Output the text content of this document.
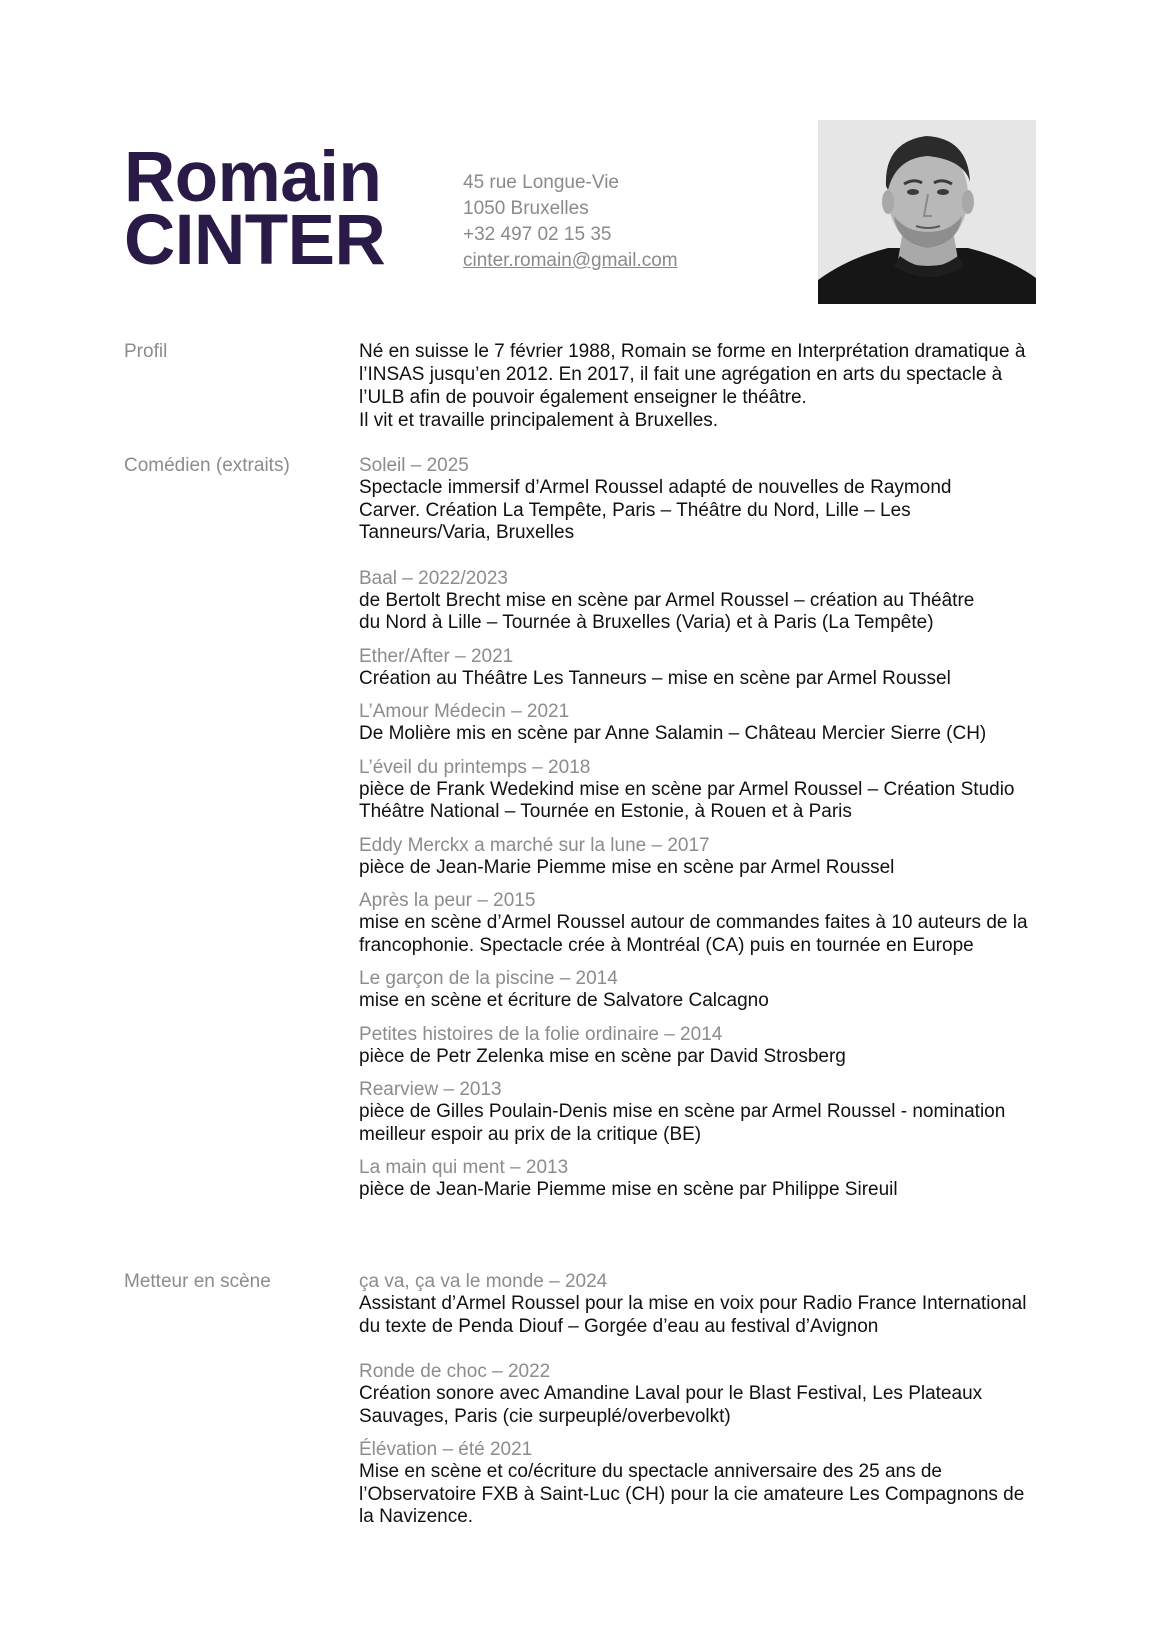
Romain
CINTER
45 rue Longue-Vie
1050 Bruxelles
+32 497 02 15 35
cinter.romain@gmail.com
Profil	Né en suisse le 7 février 1988, Romain se forme en Interprétation dramatique à
l’INSAS jusqu’en 2012. En 2017, il fait une agrégation en arts du spectacle à
l’ULB afin de pouvoir également enseigner le théâtre.
Il vit et travaille principalement à Bruxelles.
Comédien (extraits)	Soleil – 2025
Spectacle immersif d’Armel Roussel adapté de nouvelles de Raymond
Carver. Création La Tempête, Paris – Théâtre du Nord, Lille – Les
Tanneurs/Varia, Bruxelles
Baal – 2022/2023
de Bertolt Brecht mise en scène par Armel Roussel – création au Théâtre
du Nord à Lille – Tournée à Bruxelles (Varia) et à Paris (La Tempête)
Ether/After – 2021
Création au Théâtre Les Tanneurs – mise en scène par Armel Roussel
L’Amour Médecin – 2021
De Molière mis en scène par Anne Salamin – Château Mercier Sierre (CH)
L’éveil du printemps – 2018
pièce de Frank Wedekind mise en scène par Armel Roussel – Création Studio
Théâtre National – Tournée en Estonie, à Rouen et à Paris
Eddy Merckx a marché sur la lune – 2017
pièce de Jean-Marie Piemme mise en scène par Armel Roussel
Après la peur – 2015
mise en scène d’Armel Roussel autour de commandes faites à 10 auteurs de la
francophonie. Spectacle crée à Montréal (CA) puis en tournée en Europe
Le garçon de la piscine – 2014
mise en scène et écriture de Salvatore Calcagno
Petites histoires de la folie ordinaire – 2014
pièce de Petr Zelenka mise en scène par David Strosberg
Rearview – 2013
pièce de Gilles Poulain-Denis mise en scène par Armel Roussel - nomination
meilleur espoir au prix de la critique (BE)
La main qui ment – 2013
pièce de Jean-Marie Piemme mise en scène par Philippe Sireuil
Metteur en scène	ça va, ça va le monde – 2024
Assistant d’Armel Roussel pour la mise en voix pour Radio France International
du texte de Penda Diouf – Gorgée d’eau au festival d’Avignon
Ronde de choc – 2022
Création sonore avec Amandine Laval pour le Blast Festival, Les Plateaux
Sauvages, Paris (cie surpeuplé/overbevolkt)
Élévation – été 2021
Mise en scène et co/écriture du spectacle anniversaire des 25 ans de
l’Observatoire FXB à Saint-Luc (CH) pour la cie amateure Les Compagnons de
la Navizence.
